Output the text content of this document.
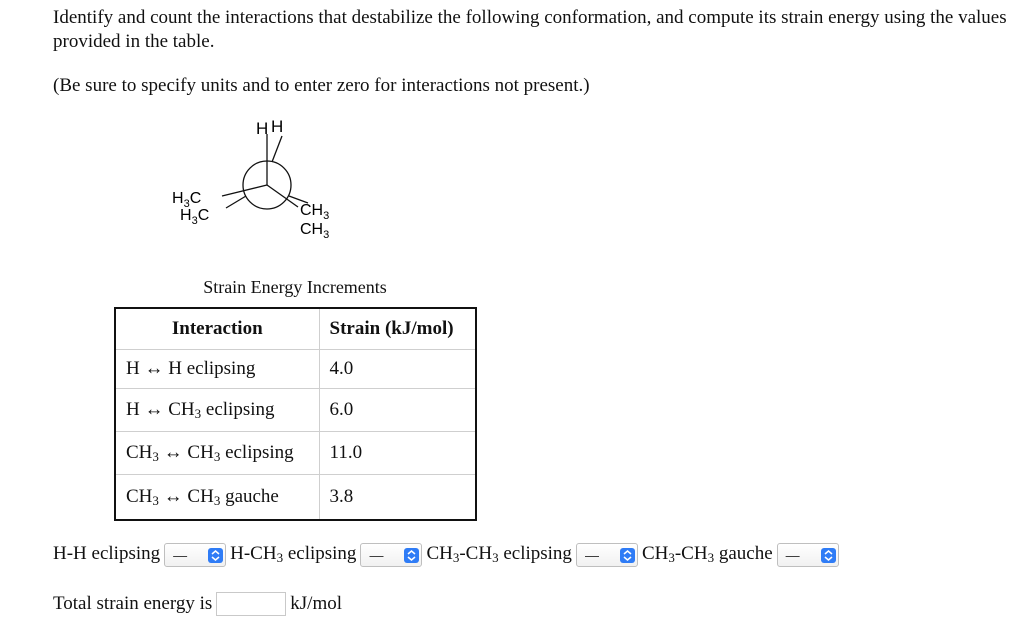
Identify and count the interactions that destabilize the following conformation, and compute its strain energy using the values provided in the table.

(Be sure to specify units and to enter zero for interactions not present.)

H H
$H_3C$
$H_3C$	$CH_3$
$CH_3$
Strain Energy Increments
Interaction	Strain (kJ/mol)
H ↔ H eclipsing	4.0
H ↔ $CH_3$ eclipsing	6.0
$CH_3$ ↔ $CH_3$ eclipsing	11.0
$CH_3$ ↔ $CH_3$ gauche	3.8
H-H eclipsing — $H-CH_3$ eclipsing — $CH_3-CH_3$ eclipsing — $CH_3-CH_3$ gauche —
Total strain energy is	kJ/mol
